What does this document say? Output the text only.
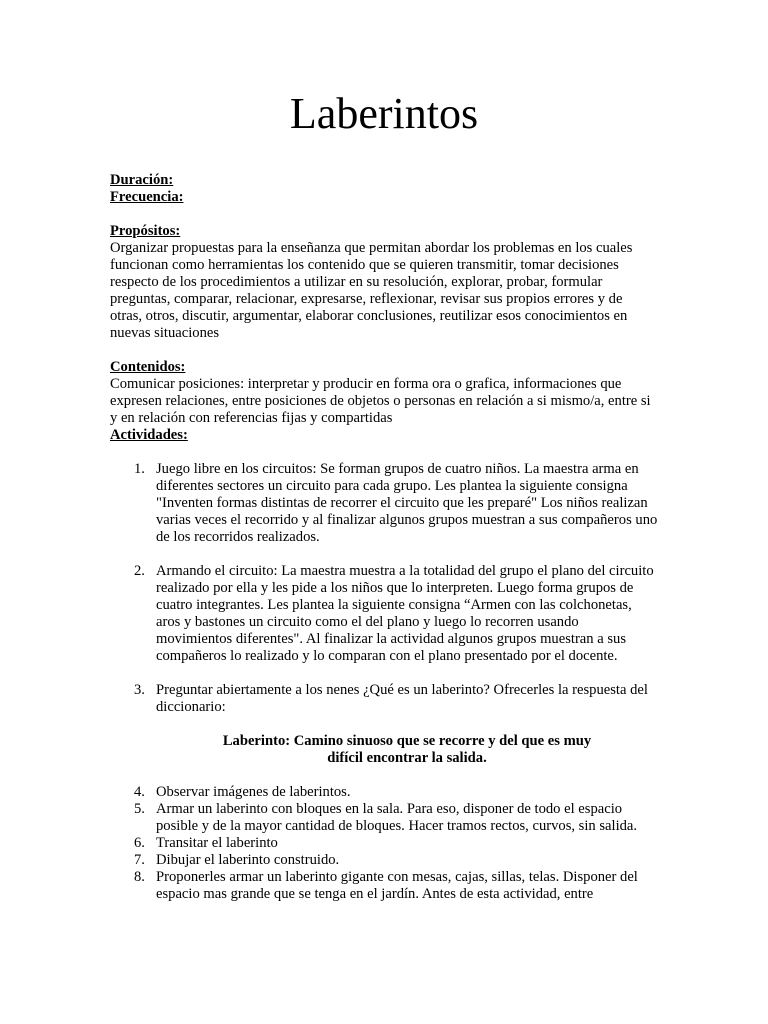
Laberintos
Duración:
Frecuencia:
Propósitos:

Organizar propuestas para la enseñanza que permitan abordar los problemas en los cuales funcionan como herramientas los contenido que se quieren transmitir, tomar decisiones respecto de los procedimientos a utilizar en su resolución, explorar, probar, formular preguntas, comparar, relacionar, expresarse, reflexionar, revisar sus propios errores y de otras, otros, discutir, argumentar, elaborar conclusiones, reutilizar esos conocimientos en nuevas situaciones

Contenidos:

Comunicar posiciones: interpretar y producir en forma ora o grafica, informaciones que expresen relaciones, entre posiciones de objetos o personas en relación a si mismo/a, entre si y en relación con referencias fijas y compartidas

Actividades:
1. Juego libre en los circuitos: Se forman grupos de cuatro niños. La maestra arma en diferentes sectores un circuito para cada grupo. Les plantea la siguiente consigna "Inventen formas distintas de recorrer el circuito que les preparé" Los niños realizan varias veces el recorrido y al finalizar algunos grupos muestran a sus compañeros uno de los recorridos realizados.
2. Armando el circuito: La maestra muestra a la totalidad del grupo el plano del circuito realizado por ella y les pide a los niños que lo interpreten. Luego forma grupos de cuatro integrantes. Les plantea la siguiente consigna “Armen con las colchonetas, aros y bastones un circuito como el del plano y luego lo recorren usando movimientos diferentes". Al finalizar la actividad algunos grupos muestran a sus compañeros lo realizado y lo comparan con el plano presentado por el docente.
3. Preguntar abiertamente a los nenes ¿Qué es un laberinto? Ofrecerles la respuesta del diccionario:
Laberinto: Camino sinuoso que se recorre y del que es muy
difícil encontrar la salida.
4. Observar imágenes de laberintos.
5. Armar un laberinto con bloques en la sala. Para eso, disponer de todo el espacio posible y de la mayor cantidad de bloques. Hacer tramos rectos, curvos, sin salida.
6. Transitar el laberinto
7. Dibujar el laberinto construido.
8. Proponerles armar un laberinto gigante con mesas, cajas, sillas, telas. Disponer del espacio mas grande que se tenga en el jardín. Antes de esta actividad, entre
